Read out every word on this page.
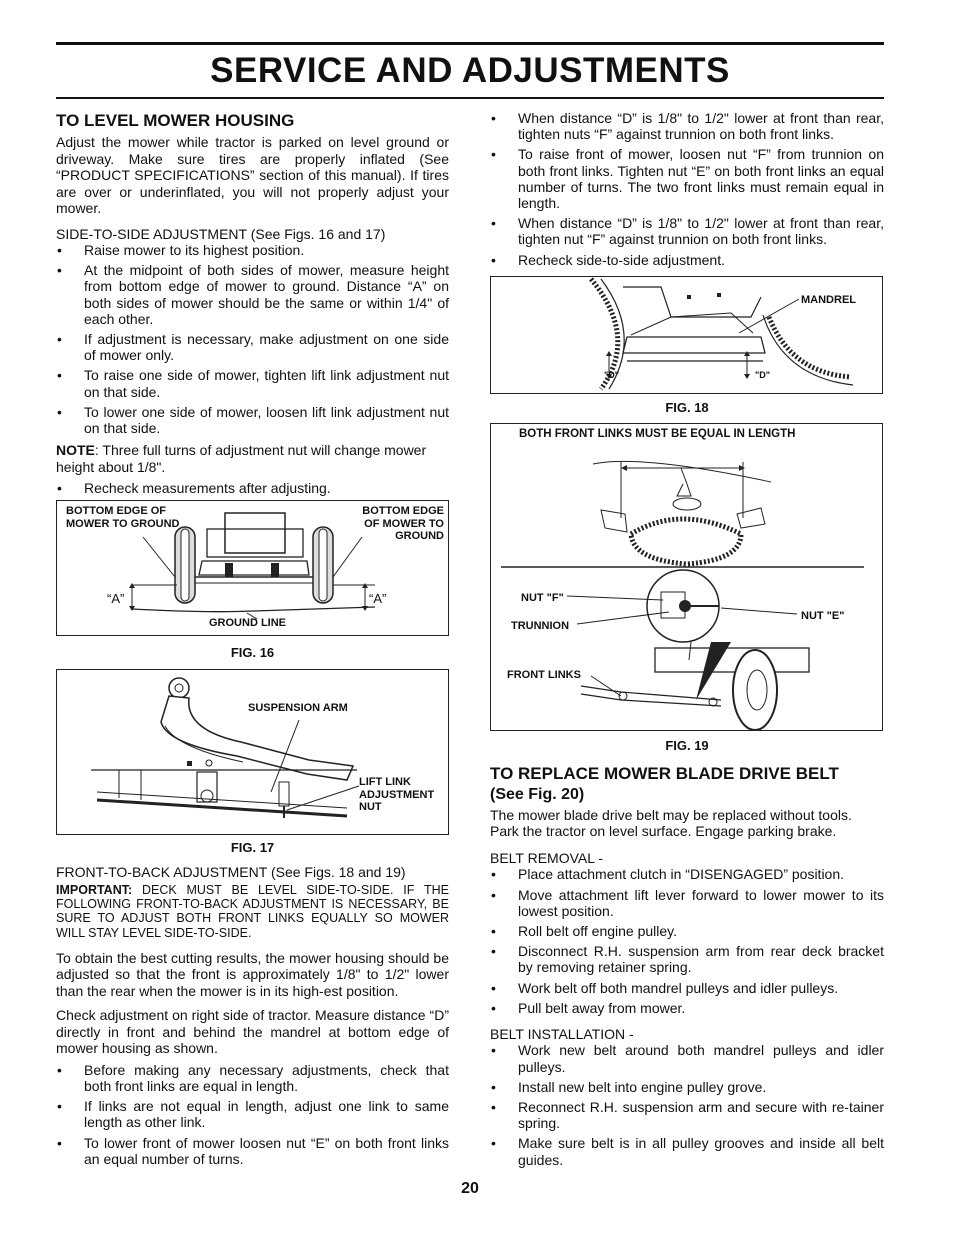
SERVICE AND ADJUSTMENTS
TO LEVEL MOWER HOUSING

Adjust the mower while tractor is parked on level ground or driveway. Make sure tires are properly inflated (See “PRODUCT SPECIFICATIONS” section of this manual). If tires are over or underinflated, you will not properly adjust your mower.

SIDE-TO-SIDE ADJUSTMENT (See Figs. 16 and 17)
• Raise mower to its highest position.
• At the midpoint of both sides of mower, measure height from bottom edge of mower to ground. Distance “A” on both sides of mower should be the same or within 1/4" of each other.
• If adjustment is necessary, make adjustment on one side of mower only.
• To raise one side of mower, tighten lift link adjustment nut on that side.
• To lower one side of mower, loosen lift link adjustment nut on that side.

NOTE: Three full turns of adjustment nut will change mower height about 1/8".

• Recheck measurements after adjusting.
BOTTOM EDGE OF MOWER TO GROUND
BOTTOM EDGE OF MOWER TO GROUND
“A”	“A”
GROUND LINE
FIG. 16
SUSPENSION ARM
LIFT LINK ADJUSTMENT NUT
FIG. 17
FRONT-TO-BACK ADJUSTMENT (See Figs. 18 and 19)
IMPORTANT: DECK MUST BE LEVEL SIDE-TO-SIDE. IF THE FOLLOWING FRONT-TO-BACK ADJUSTMENT IS NECESSARY, BE SURE TO ADJUST BOTH FRONT LINKS EQUALLY SO MOWER WILL STAY LEVEL SIDE-TO-SIDE.

To obtain the best cutting results, the mower housing should be adjusted so that the front is approximately 1/8" to 1/2" lower than the rear when the mower is in its high-est position.

Check adjustment on right side of tractor. Measure distance “D” directly in front and behind the mandrel at bottom edge of mower housing as shown.

• Before making any necessary adjustments, check that both front links are equal in length.
• If links are not equal in length, adjust one link to same length as other link.
• To lower front of mower loosen nut “E” on both front links an equal number of turns.
• When distance “D” is 1/8" to 1/2" lower at front than rear, tighten nuts “F” against trunnion on both front links.
• To raise front of mower, loosen nut “F” from trunnion on both front links. Tighten nut “E” on both front links an equal number of turns. The two front links must remain equal in length.
• When distance “D” is 1/8" to 1/2" lower at front than rear, tighten nut “F” against trunnion on both front links.
• Recheck side-to-side adjustment.
MANDREL
"D"	"D"
FIG. 18
BOTH FRONT LINKS MUST BE EQUAL IN LENGTH
NUT "F"
TRUNNION
NUT "E"
FRONT LINKS
FIG. 19
TO REPLACE MOWER BLADE DRIVE BELT
(See Fig. 20)

The mower blade drive belt may be replaced without tools. Park the tractor on level surface. Engage parking brake.

BELT REMOVAL -
• Place attachment clutch in “DISENGAGED” position.
• Move attachment lift lever forward to lower mower to its lowest position.
• Roll belt off engine pulley.
• Disconnect R.H. suspension arm from rear deck bracket by removing retainer spring.
• Work belt off both mandrel pulleys and idler pulleys.
• Pull belt away from mower.
BELT INSTALLATION -
• Work new belt around both mandrel pulleys and idler pulleys.
• Install new belt into engine pulley grove.
• Reconnect R.H. suspension arm and secure with re-tainer spring.
• Make sure belt is in all pulley grooves and inside all belt guides.
20
